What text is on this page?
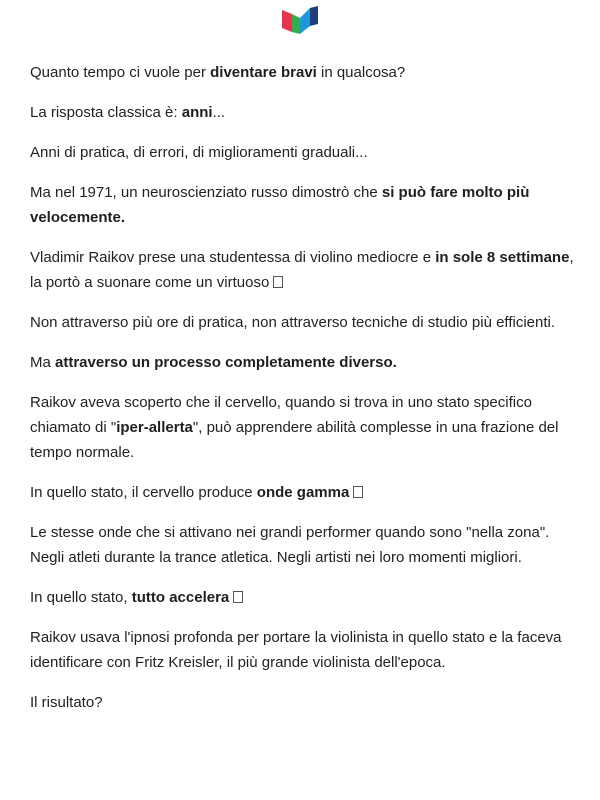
Quanto tempo ci vuole per diventare bravi in qualcosa?

La risposta classica è: anni...

Anni di pratica, di errori, di miglioramenti graduali...

Ma nel 1971, un neuroscienziato russo dimostrò che si può fare molto più velocemente.

Vladimir Raikov prese una studentessa di violino mediocre e in sole 8 settimane, la portò a suonare come un virtuoso

Non attraverso più ore di pratica, non attraverso tecniche di studio più efficienti.

Ma attraverso un processo completamente diverso.

Raikov aveva scoperto che il cervello, quando si trova in uno stato specifico chiamato di "iper-allerta", può apprendere abilità complesse in una frazione del tempo normale.

In quello stato, il cervello produce onde gamma

Le stesse onde che si attivano nei grandi performer quando sono "nella zona". Negli atleti durante la trance atletica. Negli artisti nei loro momenti migliori.

In quello stato, tutto accelera

Raikov usava l'ipnosi profonda per portare la violinista in quello stato e la faceva identificare con Fritz Kreisler, il più grande violinista dell'epoca.

Il risultato?
